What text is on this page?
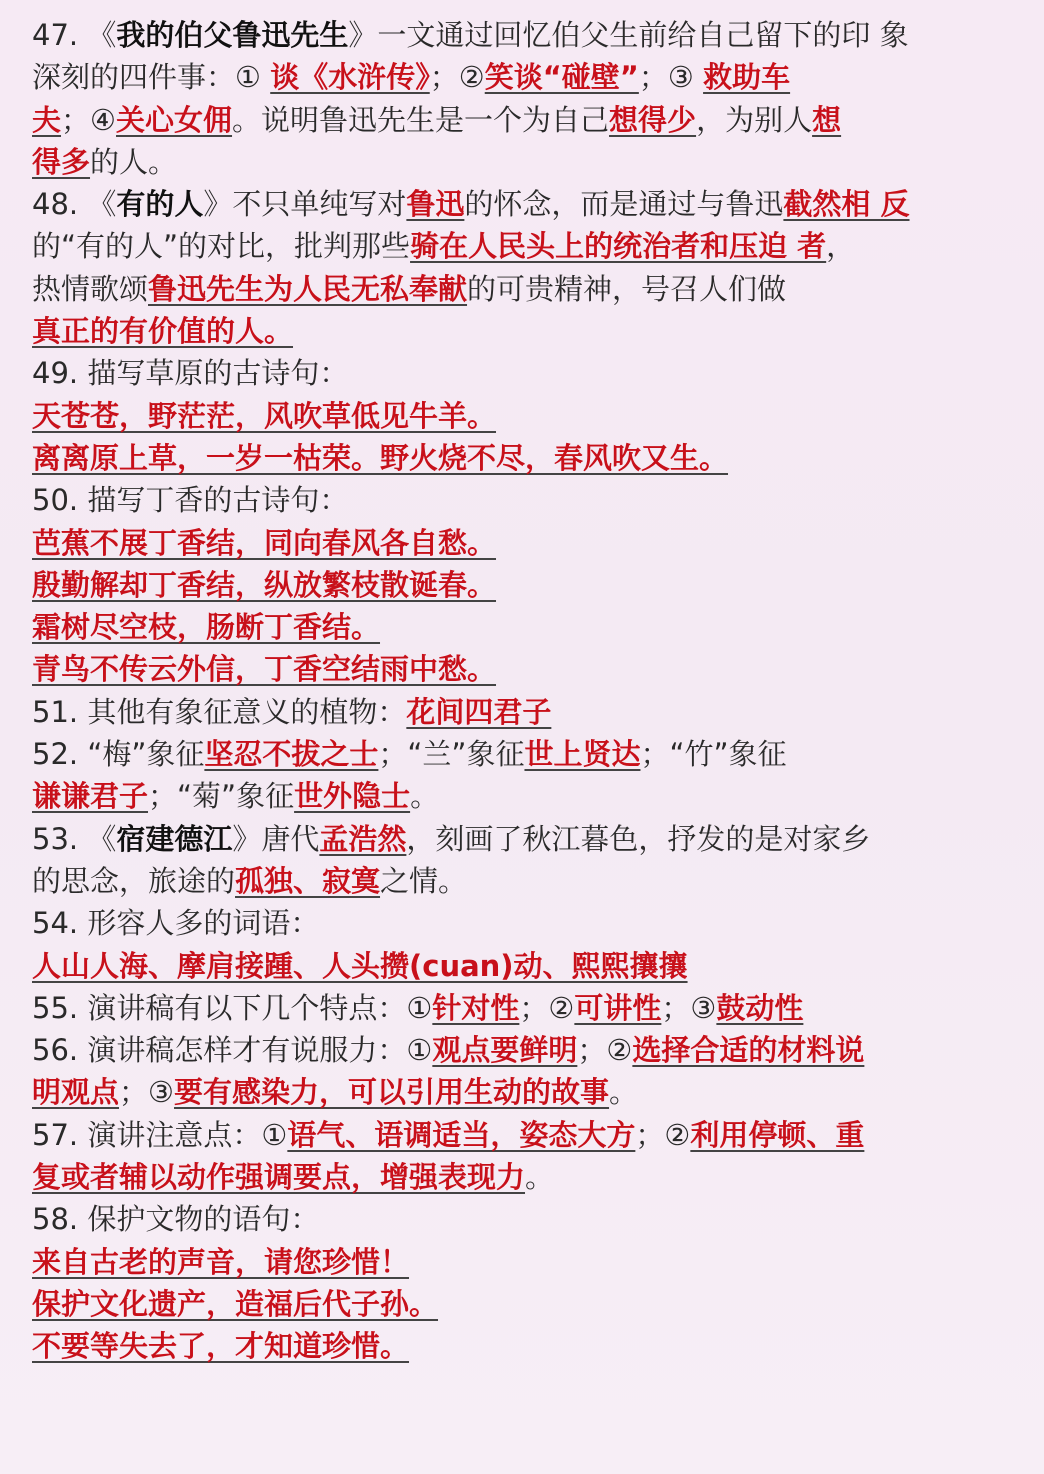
47. 《我的伯父鲁迅先生》一文通过回忆伯父生前给自己留下的印 象
深刻的四件事：① 谈《水浒传》；②笑谈“碰壁”；③ 救助车
夫；④关心女佣。说明鲁迅先生是一个为自己想得少，为别人想
得多的人。
48. 《有的人》不只单纯写对鲁迅的怀念，而是通过与鲁迅截然相 反
的“有的人”的对比，批判那些骑在人民头上的统治者和压迫 者，
热情歌颂鲁迅先生为人民无私奉献的可贵精神，号召人们做
真正的有价值的人。
49. 描写草原的古诗句：
天苍苍，野茫茫，风吹草低见牛羊。
离离原上草，一岁一枯荣。野火烧不尽，春风吹又生。
50. 描写丁香的古诗句：
芭蕉不展丁香结，同向春风各自愁。
殷勤解却丁香结，纵放繁枝散诞春。
霜树尽空枝，肠断丁香结。
青鸟不传云外信，丁香空结雨中愁。
51. 其他有象征意义的植物：花间四君子
52. “梅”象征坚忍不拔之士；“兰”象征世上贤达；“竹”象征
谦谦君子；“菊”象征世外隐士。
53. 《宿建德江》唐代孟浩然，刻画了秋江暮色，抒发的是对家乡
的思念，旅途的孤独、寂寞之情。
54. 形容人多的词语：
人山人海、摩肩接踵、人头攒(cuan)动、熙熙攘攘
55. 演讲稿有以下几个特点：①针对性；②可讲性；③鼓动性
56. 演讲稿怎样才有说服力：①观点要鲜明；②选择合适的材料说
明观点；③要有感染力，可以引用生动的故事。
57. 演讲注意点：①语气、语调适当，姿态大方；②利用停顿、重
复或者辅以动作强调要点，增强表现力。
58. 保护文物的语句：
来自古老的声音，请您珍惜！
保护文化遗产，造福后代子孙。
不要等失去了，才知道珍惜。
